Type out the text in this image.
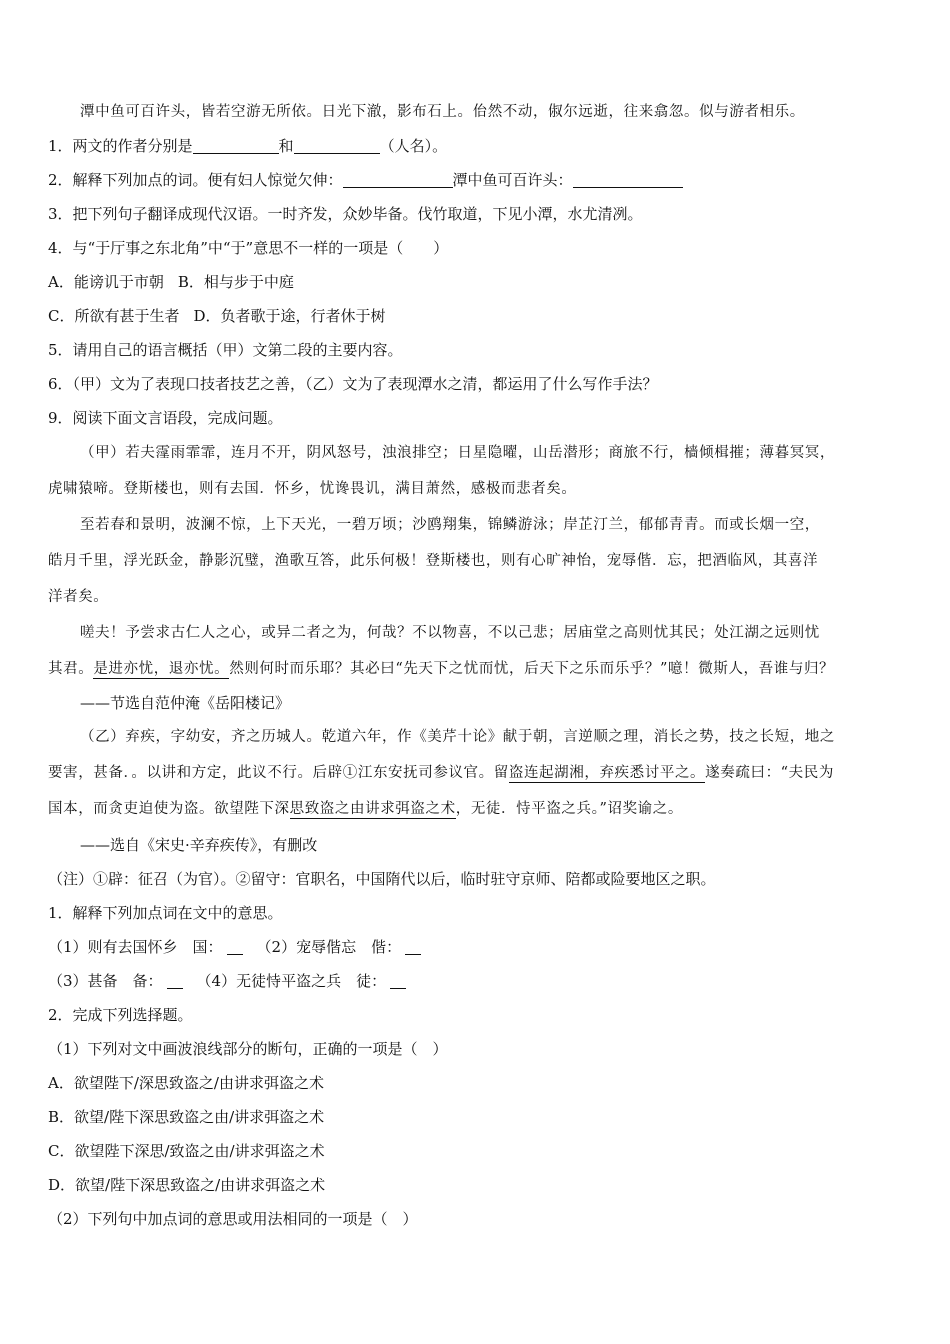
潭中鱼可百许头，皆若空游无所依。日光下澈，影布石上。佁然不动，俶尔远逝，往来翕忽。似与游者相乐。
1．两文的作者分别是	和	（人名）。
2．解释下列加点的词。便有妇人惊觉欠伸：	潭中鱼可百许头：
3．把下列句子翻译成现代汉语。一时齐发，众妙毕备。伐竹取道，下见小潭，水尤清冽。
4．与“于厅事之东北角”中“于”意思不一样的一项是（　　）
A．能谤讥于市朝 B．相与步于中庭
C．所欲有甚于生者 D．负者歌于途，行者休于树
5．请用自己的语言概括（甲）文第二段的主要内容。
6．（甲）文为了表现口技者技艺之善，（乙）文为了表现潭水之清，都运用了什么写作手法？
9．阅读下面文言语段，完成问题。
（甲）若夫霪雨霏霏，连月不开，阴风怒号，浊浪排空；日星隐曜，山岳潜形；商旅不行，樯倾楫摧；薄暮冥冥，
虎啸猿啼。登斯楼也，则有去国．怀乡，忧谗畏讥，满目萧然，感极而悲者矣。
至若春和景明，波澜不惊，上下天光，一碧万顷；沙鸥翔集，锦鳞游泳；岸芷汀兰，郁郁青青。而或长烟一空，
皓月千里，浮光跃金，静影沉璧，渔歌互答，此乐何极！登斯楼也，则有心旷神怡，宠辱偕．忘，把酒临风，其喜洋
洋者矣。
嗟夫！予尝求古仁人之心，或异二者之为，何哉？不以物喜，不以己悲；居庙堂之高则忧其民；处江湖之远则忧
其君。是进亦忧，退亦忧。然则何时而乐耶？其必曰“先天下之忧而忧，后天下之乐而乐乎？”噫！微斯人，吾谁与归？
——节选自范仲淹《岳阳楼记》
（乙）弃疾，字幼安，齐之历城人。乾道六年，作《美芹十论》献于朝，言逆顺之理，消长之势，技之长短，地之
要害，甚备．。以讲和方定，此议不行。后辟①江东安抚司参议官。留盗连起湖湘，弃疾悉讨平之。遂奏疏曰：“夫民为
国本，而贪吏迫使为盗。欲望陛下深思致盗之由讲求弭盗之术，无徒．恃平盗之兵。”诏奖谕之。
——选自《宋史·辛弃疾传》，有删改
（注）①辟：征召（为官）。②留守：官职名，中国隋代以后，临时驻守京师、陪都或险要地区之职。
1．解释下列加点词在文中的意思。
（1）则有去国怀乡　国： （2）宠辱偕忘　偕：
（3）甚备　备： （4）无徒恃平盗之兵　徒：
2．完成下列选择题。
（1）下列对文中画波浪线部分的断句，正确的一项是（　）
A．欲望陛下/深思致盗之/由讲求弭盗之术
B．欲望/陛下深思致盗之由/讲求弭盗之术
C．欲望陛下深思/致盗之由/讲求弭盗之术
D．欲望/陛下深思致盗之/由讲求弭盗之术
（2）下列句中加点词的意思或用法相同的一项是（　）
